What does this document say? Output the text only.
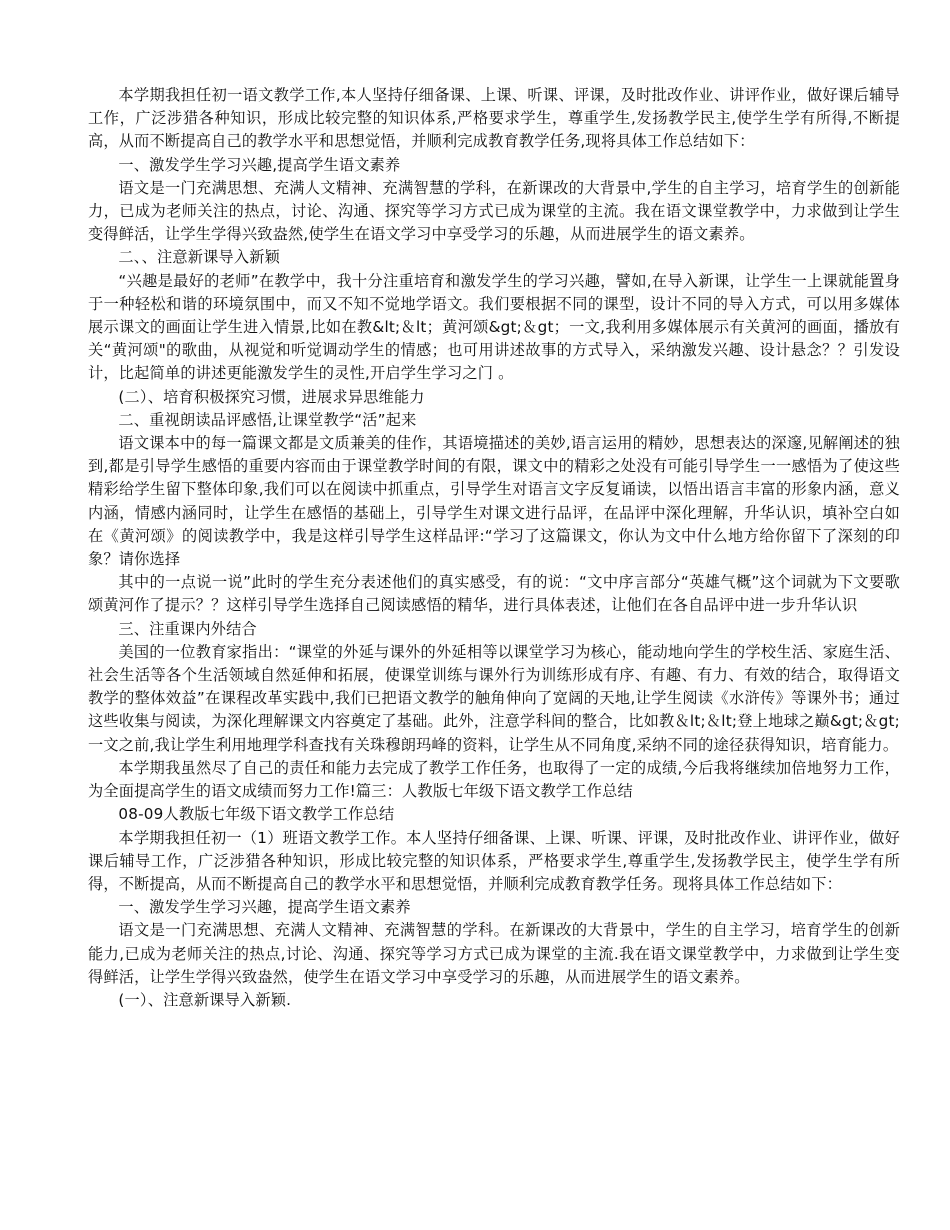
本学期我担任初一语文教学工作,本人坚持仔细备课、上课、听课、评课，及时批改作业、讲评作业，做好课后辅导工作，广泛涉猎各种知识，形成比较完整的知识体系,严格要求学生，尊重学生,发扬教学民主,使学生学有所得,不断提高，从而不断提高自己的教学水平和思想觉悟，并顺利完成教育教学任务,现将具体工作总结如下：

一、激发学生学习兴趣,提高学生语文素养

语文是一门充满思想、充满人文精神、充满智慧的学科，在新课改的大背景中,学生的自主学习，培育学生的创新能力，已成为老师关注的热点，讨论、沟通、探究等学习方式已成为课堂的主流。我在语文课堂教学中，力求做到让学生变得鲜活，让学生学得兴致盎然,使学生在语文学习中享受学习的乐趣，从而进展学生的语文素养。

二、、注意新课导入新颖

“兴趣是最好的老师”在教学中，我十分注重培育和激发学生的学习兴趣，譬如,在导入新课，让学生一上课就能置身于一种轻松和谐的环境氛围中，而又不知不觉地学语文。我们要根据不同的课型，设计不同的导入方式，可以用多媒体展示课文的画面让学生进入情景,比如在教&lt;＆lt；黄河颂&gt;＆gt；一文,我利用多媒体展示有关黄河的画面，播放有关“黄河颂"的歌曲，从视觉和听觉调动学生的情感；也可用讲述故事的方式导入，采纳激发兴趣、设计悬念？？引发设计，比起简单的讲述更能激发学生的灵性,开启学生学习之门 。

(二）、培育积极探究习惯，进展求异思维能力

二、重视朗读品评感悟,让课堂教学“活”起来

语文课本中的每一篇课文都是文质兼美的佳作，其语境描述的美妙,语言运用的精妙，思想表达的深邃,见解阐述的独到,都是引导学生感悟的重要内容而由于课堂教学时间的有限，课文中的精彩之处没有可能引导学生一一感悟为了使这些精彩给学生留下整体印象,我们可以在阅读中抓重点，引导学生对语言文字反复诵读，以悟出语言丰富的形象内涵，意义内涵，情感内涵同时，让学生在感悟的基础上，引导学生对课文进行品评，在品评中深化理解，升华认识，填补空白如在《黄河颂》的阅读教学中，我是这样引导学生这样品评:“学习了这篇课文，你认为文中什么地方给你留下了深刻的印象？请你选择

其中的一点说一说”此时的学生充分表述他们的真实感受，有的说：“文中序言部分“英雄气概”这个词就为下文要歌颂黄河作了提示？？这样引导学生选择自己阅读感悟的精华，进行具体表述，让他们在各自品评中进一步升华认识

三、注重课内外结合

美国的一位教育家指出：“课堂的外延与课外的外延相等以课堂学习为核心，能动地向学生的学校生活、家庭生活、社会生活等各个生活领域自然延伸和拓展，使课堂训练与课外行为训练形成有序、有趣、有力、有效的结合，取得语文教学的整体效益”在课程改革实践中,我们已把语文教学的触角伸向了宽阔的天地,让学生阅读《水浒传》等课外书；通过这些收集与阅读，为深化理解课文内容奠定了基础。此外，注意学科间的整合，比如教＆lt;＆lt;登上地球之巅&gt;＆gt;一文之前,我让学生利用地理学科查找有关珠穆朗玛峰的资料，让学生从不同角度,采纳不同的途径获得知识，培育能力。

本学期我虽然尽了自己的责任和能力去完成了教学工作任务，也取得了一定的成绩,今后我将继续加倍地努力工作，为全面提高学生的语文成绩而努力工作!篇三：人教版七年级下语文教学工作总结

08-09人教版七年级下语文教学工作总结

本学期我担任初一（1）班语文教学工作。本人坚持仔细备课、上课、听课、评课，及时批改作业、讲评作业，做好课后辅导工作，广泛涉猎各种知识，形成比较完整的知识体系，严格要求学生,尊重学生,发扬教学民主，使学生学有所得，不断提高，从而不断提高自己的教学水平和思想觉悟，并顺利完成教育教学任务。现将具体工作总结如下：

一、激发学生学习兴趣，提高学生语文素养

语文是一门充满思想、充满人文精神、充满智慧的学科。在新课改的大背景中，学生的自主学习，培育学生的创新能力,已成为老师关注的热点,讨论、沟通、探究等学习方式已成为课堂的主流.我在语文课堂教学中，力求做到让学生变得鲜活，让学生学得兴致盎然，使学生在语文学习中享受学习的乐趣，从而进展学生的语文素养。

(一）、注意新课导入新颖.
